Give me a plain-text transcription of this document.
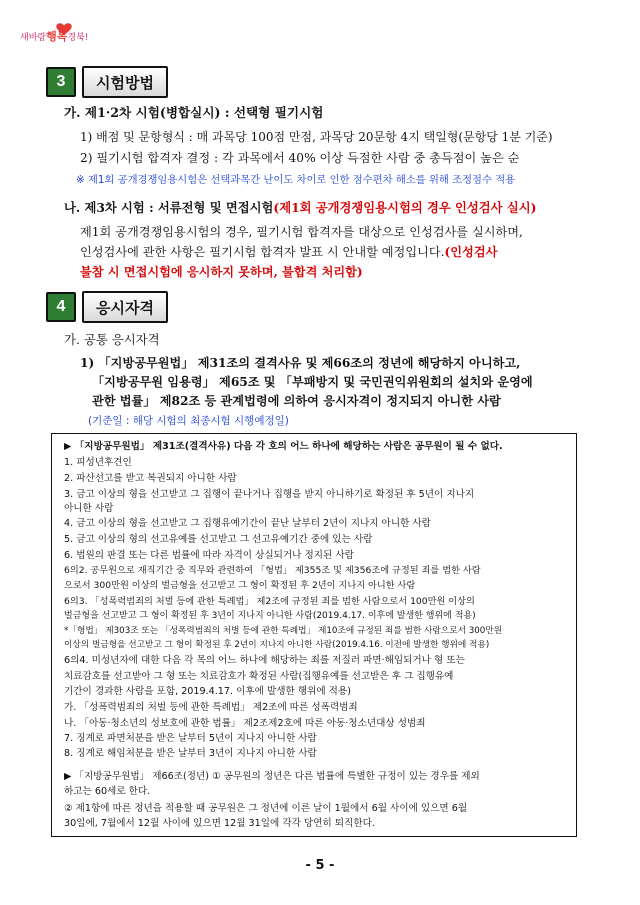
새바람행복경북!
3	시험방법
가. 제1·2차 시험(병합실시) : 선택형 필기시험
1) 배점 및 문항형식 : 매 과목당 100점 만점, 과목당 20문항 4지 택일형(문항당 1분 기준)
2) 필기시험 합격자 결정 : 각 과목에서 40% 이상 득점한 사람 중 총득점이 높은 순
※ 제1회 공개경쟁임용시험은 선택과목간 난이도 차이로 인한 점수편차 해소를 위해 조정점수 적용
나. 제3차 시험 : 서류전형 및 면접시험(제1회 공개경쟁임용시험의 경우 인성검사 실시)
제1회 공개경쟁임용시험의 경우, 필기시험 합격자를 대상으로 인성검사를 실시하며,
인성검사에 관한 사항은 필기시험 합격자 발표 시 안내할 예정입니다.(인성검사
불참 시 면접시험에 응시하지 못하며, 불합격 처리함)
4	응시자격
가. 공통 응시자격
1) 「지방공무원법」 제31조의 결격사유 및 제66조의 정년에 해당하지 아니하고,
「지방공무원 임용령」 제65조 및 「부패방지 및 국민권익위원회의 설치와 운영에
관한 법률」 제82조 등 관계법령에 의하여 응시자격이 정지되지 아니한 사람
(기준일 : 해당 시험의 최종시험 시행예정일)
▶ 「지방공무원법」 제31조(결격사유) 다음 각 호의 어느 하나에 해당하는 사람은 공무원이 될 수 없다.
1. 피성년후견인
2. 파산선고를 받고 복권되지 아니한 사람
3. 금고 이상의 형을 선고받고 그 집행이 끝나거나 집행을 받지 아니하기로 확정된 후 5년이 지나지
아니한 사람
4. 금고 이상의 형을 선고받고 그 집행유예기간이 끝난 날부터 2년이 지나지 아니한 사람
5. 금고 이상의 형의 선고유예를 선고받고 그 선고유예기간 중에 있는 사람
6. 법원의 판결 또는 다른 법률에 따라 자격이 상실되거나 정지된 사람
6의2. 공무원으로 재직기간 중 직무와 관련하여 「형법」 제355조 및 제356조에 규정된 죄를 범한 사람
으로서 300만원 이상의 벌금형을 선고받고 그 형이 확정된 후 2년이 지나지 아니한 사람
6의3. 「성폭력범죄의 처벌 등에 관한 특례법」 제2조에 규정된 죄를 범한 사람으로서 100만원 이상의
벌금형을 선고받고 그 형이 확정된 후 3년이 지나지 아니한 사람(2019.4.17. 이후에 발생한 행위에 적용)
*「형법」 제303조 또는 「성폭력범죄의 처벌 등에 관한 특례법」 제10조에 규정된 죄를 범한 사람으로서 300만원
이상의 벌금형을 선고받고 그 형이 확정된 후 2년이 지나지 아니한 사람(2019.4.16. 이전에 발생한 행위에 적용)
6의4. 미성년자에 대한 다음 각 목의 어느 하나에 해당하는 죄를 저질러 파면·해임되거나 형 또는
치료감호를 선고받아 그 형 또는 치료감호가 확정된 사람(집행유예를 선고받은 후 그 집행유예
기간이 경과한 사람을 포함, 2019.4.17. 이후에 발생한 행위에 적용)
가. 「성폭력범죄의 처벌 등에 관한 특례법」 제2조에 따른 성폭력범죄
나. 「아동·청소년의 성보호에 관한 법률」 제2조제2호에 따른 아동·청소년대상 성범죄
7. 징계로 파면처분을 받은 날부터 5년이 지나지 아니한 사람
8. 징계로 해임처분을 받은 날부터 3년이 지나지 아니한 사람
▶ 「지방공무원법」 제66조(정년) ① 공무원의 정년은 다른 법률에 특별한 규정이 있는 경우를 제외
하고는 60세로 한다.
② 제1항에 따른 정년을 적용할 때 공무원은 그 정년에 이른 날이 1월에서 6월 사이에 있으면 6월
30일에, 7월에서 12월 사이에 있으면 12월 31일에 각각 당연히 퇴직한다.
- 5 -
